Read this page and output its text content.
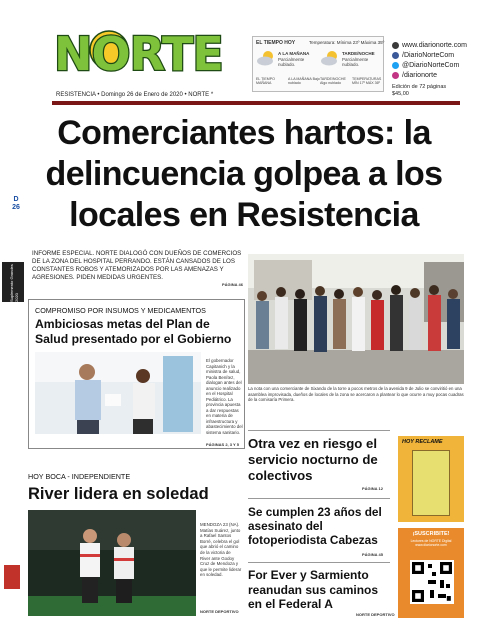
NORTE
RESISTENCIA • Domingo 26 de Enero de 2020 • NORTE *
EL TIEMPO HOY	Temperatura: Mínima 23º Máxima 35º
A LA MAÑANA
Parcialmente nublado.
TARDE/NOCHE
Parcialmente nublado.
EL TIEMPO MAÑANA
A LA MAÑANA Bajo nublado
TARDE/NOCHE Algo nublado
TEMPERATURAS MÍN 17º MÁX 36º
www.diarionorte.com
/DiarioNorteCom
@DiarioNorteCom
/diarionorte
Edición de 72 páginas
$45,00
Comerciantes hartos: la delincuencia golpea a los locales en Resistencia
D
26
Suplemento Grandes 2020
INFORME ESPECIAL. NORTE DIALOGÓ CON DUEÑOS DE COMERCIOS DE LA ZONA DEL HOSPITAL PERRANDO. ESTÁN CANSADOS DE LOS CONSTANTES ROBOS Y ATEMORIZADOS POR LAS AMENAZAS Y AGRESIONES. PIDEN MEDIDAS URGENTES.
PÁGINA 46
La nota con una comerciante de Sixando de la torre a pocos metros de la avenida 9 de Julio se conviritió en una asamblea improvisada, dueños de locales de la zona se acercaron a plantear lo que ocurre a muy pocas cuadras de la comisaría Primera.
COMPROMISO POR INSUMOS Y MEDICAMENTOS
Ambiciosas metas del Plan de Salud presentado por el Gobierno
El gobernador Capitanich y la ministra de salud, Paola Benítez, dialogan antes del anuncio realizado en el Hospital Pediátrico. La provincia apuesta a dar respuestas en materia de infraestructura y abastecimiento del sistema sanitario.
PÁGINAS 2, 3 Y 5
HOY BOCA - INDEPENDIENTE
River lidera en soledad
MENDOZA 23 (NA). Matías Suárez, junto a Rafael Santos Borré, celebra el gol que abrió el camino de la victoria de River ante Godoy Cruz de Mendoza y que le permite liderar en soledad.
NORTE DEPORTIVO
Otra vez en riesgo el servicio nocturno de colectivos
PÁGINA 12
Se cumplen 23 años del asesinato del fotoperiodista Cabezas
PÁGINA 45
For Ever y Sarmiento reanudan sus caminos en el Federal A
NORTE DEPORTIVO
HOY RECLAME
¡SUSCRIBITE!
Lectores de NORTE Digital www.diarionorte.com
